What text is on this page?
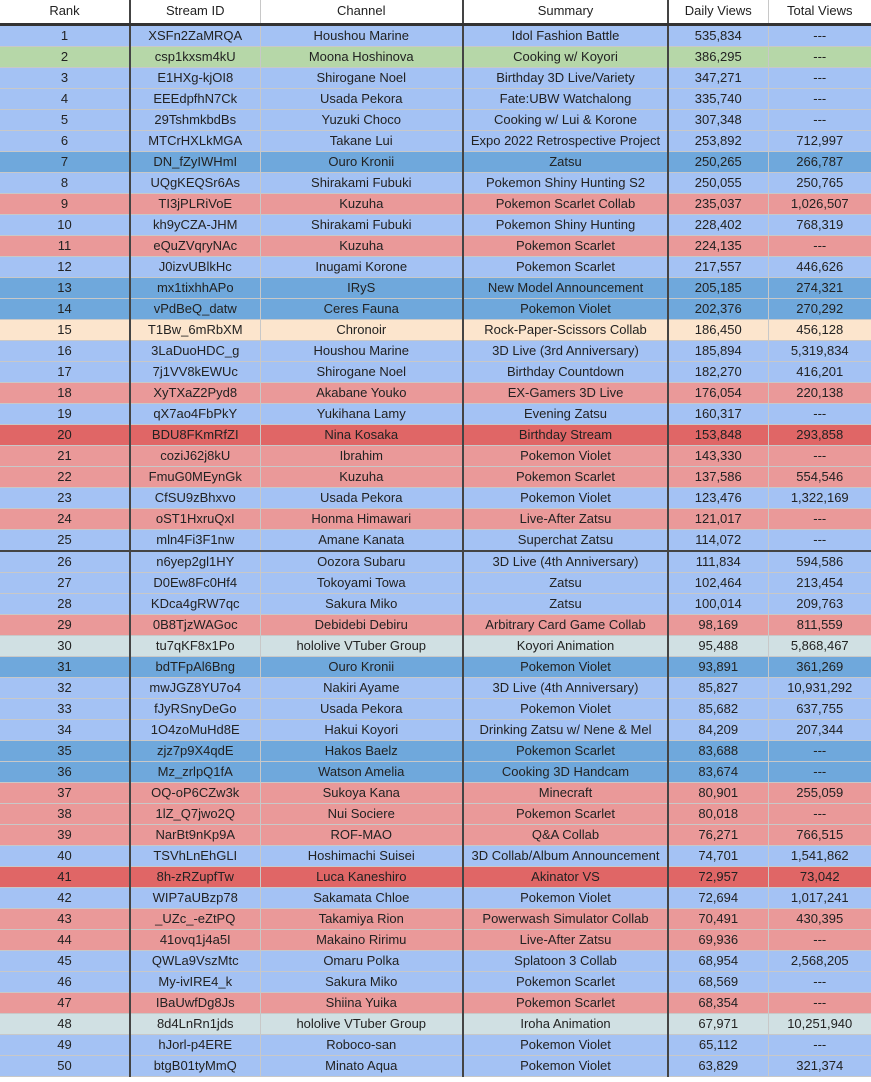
Rank	Stream ID	Channel	Summary	Daily Views	Total Views
1	XSFn2ZaMRQA	Houshou Marine	Idol Fashion Battle	535,834	---
2	csp1kxsm4kU	Moona Hoshinova	Cooking w/ Koyori	386,295	---
3	E1HXg-kjOI8	Shirogane Noel	Birthday 3D Live/Variety	347,271	---
4	EEEdpfhN7Ck	Usada Pekora	Fate:UBW Watchalong	335,740	---
5	29TshmkbdBs	Yuzuki Choco	Cooking w/ Lui & Korone	307,348	---
6	MTCrHXLkMGA	Takane Lui	Expo 2022 Retrospective Project	253,892	712,997
7	DN_fZyIWHmI	Ouro Kronii	Zatsu	250,265	266,787
8	UQgKEQSr6As	Shirakami Fubuki	Pokemon Shiny Hunting S2	250,055	250,765
9	TI3jPLRiVoE	Kuzuha	Pokemon Scarlet Collab	235,037	1,026,507
10	kh9yCZA-JHM	Shirakami Fubuki	Pokemon Shiny Hunting	228,402	768,319
11	eQuZVqryNAc	Kuzuha	Pokemon Scarlet	224,135	---
12	J0izvUBlkHc	Inugami Korone	Pokemon Scarlet	217,557	446,626
13	mx1tixhhAPo	IRyS	New Model Announcement	205,185	274,321
14	vPdBeQ_datw	Ceres Fauna	Pokemon Violet	202,376	270,292
15	T1Bw_6mRbXM	Chronoir	Rock-Paper-Scissors Collab	186,450	456,128
16	3LaDuoHDC_g	Houshou Marine	3D Live (3rd Anniversary)	185,894	5,319,834
17	7j1VV8kEWUc	Shirogane Noel	Birthday Countdown	182,270	416,201
18	XyTXaZ2Pyd8	Akabane Youko	EX-Gamers 3D Live	176,054	220,138
19	qX7ao4FbPkY	Yukihana Lamy	Evening Zatsu	160,317	---
20	BDU8FKmRfZI	Nina Kosaka	Birthday Stream	153,848	293,858
21	coziJ62j8kU	Ibrahim	Pokemon Violet	143,330	---
22	FmuG0MEynGk	Kuzuha	Pokemon Scarlet	137,586	554,546
23	CfSU9zBhxvo	Usada Pekora	Pokemon Violet	123,476	1,322,169
24	oST1HxruQxI	Honma Himawari	Live-After Zatsu	121,017	---
25	mln4Fi3F1nw	Amane Kanata	Superchat Zatsu	114,072	---
26	n6yep2gl1HY	Oozora Subaru	3D Live (4th Anniversary)	111,834	594,586
27	D0Ew8Fc0Hf4	Tokoyami Towa	Zatsu	102,464	213,454
28	KDca4gRW7qc	Sakura Miko	Zatsu	100,014	209,763
29	0B8TjzWAGoc	Debidebi Debiru	Arbitrary Card Game Collab	98,169	811,559
30	tu7qKF8x1Po	hololive VTuber Group	Koyori Animation	95,488	5,868,467
31	bdTFpAl6Bng	Ouro Kronii	Pokemon Violet	93,891	361,269
32	mwJGZ8YU7o4	Nakiri Ayame	3D Live (4th Anniversary)	85,827	10,931,292
33	fJyRSnyDeGo	Usada Pekora	Pokemon Violet	85,682	637,755
34	1O4zoMuHd8E	Hakui Koyori	Drinking Zatsu w/ Nene & Mel	84,209	207,344
35	zjz7p9X4qdE	Hakos Baelz	Pokemon Scarlet	83,688	---
36	Mz_zrlpQ1fA	Watson Amelia	Cooking 3D Handcam	83,674	---
37	OQ-oP6CZw3k	Sukoya Kana	Minecraft	80,901	255,059
38	1lZ_Q7jwo2Q	Nui Sociere	Pokemon Scarlet	80,018	---
39	NarBt9nKp9A	ROF-MAO	Q&A Collab	76,271	766,515
40	TSVhLnEhGLI	Hoshimachi Suisei	3D Collab/Album Announcement	74,701	1,541,862
41	8h-zRZupfTw	Luca Kaneshiro	Akinator VS	72,957	73,042
42	WIP7aUBzp78	Sakamata Chloe	Pokemon Violet	72,694	1,017,241
43	_UZc_-eZtPQ	Takamiya Rion	Powerwash Simulator Collab	70,491	430,395
44	41ovq1j4a5I	Makaino Ririmu	Live-After Zatsu	69,936	---
45	QWLa9VszMtc	Omaru Polka	Splatoon 3 Collab	68,954	2,568,205
46	My-ivIRE4_k	Sakura Miko	Pokemon Scarlet	68,569	---
47	IBaUwfDg8Js	Shiina Yuika	Pokemon Scarlet	68,354	---
48	8d4LnRn1jds	hololive VTuber Group	Iroha Animation	67,971	10,251,940
49	hJorl-p4ERE	Roboco-san	Pokemon Violet	65,112	---
50	btgB01tyMmQ	Minato Aqua	Pokemon Violet	63,829	321,374
